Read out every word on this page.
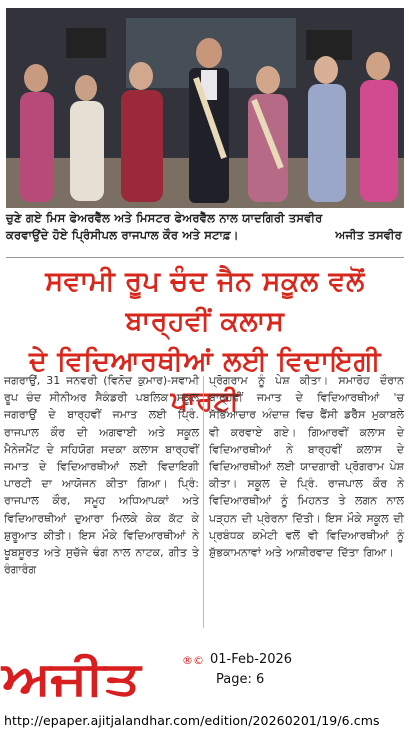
ਚੁਣੇ ਗਏ ਮਿਸ ਫੇਅਰਵੈੱਲ ਅਤੇ ਮਿਸਟਰ ਫੇਅਰਵੈੱਲ ਨਾਲ ਯਾਦਗਿਰੀ ਤਸਵੀਰ
ਕਰਵਾਉਂਦੇ ਹੋਏ ਪ੍ਰਿੰਸੀਪਲ ਰਾਜਪਾਲ ਕੌਰ ਅਤੇ ਸਟਾਫ਼।	ਅਜੀਤ ਤਸਵੀਰ
ਸਵਾਮੀ ਰੂਪ ਚੰਦ ਜੈਨ ਸਕੂਲ ਵਲੋਂ ਬਾਰ੍ਹਵੀਂ ਕਲਾਸ
ਦੇ ਵਿਦਿਆਰਥੀਆਂ ਲਈ ਵਿਦਾਇਗੀ ਪਾਰਟੀ
ਜਗਰਾਉਂ, 31 ਜਨਵਰੀ (ਵਿਨੋਦ ਕੁਮਾਰ)-ਸਵਾਮੀ ਰੂਪ ਚੰਦ ਸੀਨੀਅਰ ਸੈਕੰਡਰੀ ਪਬਲਿਕ ਸਕੂਲ ਜਗਰਾਉਂ ਦੇ ਬਾਰ੍ਹਵੀਂ ਜਮਾਤ ਲਈ ਪ੍ਰਿੰ. ਰਾਜਪਾਲ ਕੌਰ ਦੀ ਅਗਵਾਈ ਅਤੇ ਸਕੂਲ ਮੈਨੇਜਮੈਂਟ ਦੇ ਸਹਿਯੋਗ ਸਦਕਾ ਕਲਾਸ ਬਾਰ੍ਹਵੀਂ ਜਮਾਤ ਦੇ ਵਿਦਿਆਰਥੀਆਂ ਲਈ ਵਿਦਾਇਗੀ ਪਾਰਟੀ ਦਾ ਆਯੋਜਨ ਕੀਤਾ ਗਿਆ। ਪ੍ਰਿੰ: ਰਾਜਪਾਲ ਕੌਰ, ਸਮੂਹ ਅਧਿਆਪਕਾਂ ਅਤੇ ਵਿਦਿਆਰਥੀਆਂ ਦੁਆਰਾ ਮਿਲਕੇ ਕੇਕ ਕੱਟ ਕੇ ਸ਼ੁਰੂਆਤ ਕੀਤੀ। ਇਸ ਮੌਕੇ ਵਿਦਿਆਰਥੀਆਂ ਨੇ ਖੂਬਸੂਰਤ ਅਤੇ ਸੁਚੱਜੇ ਢੰਗ ਨਾਲ ਨਾਟਕ, ਗੀਤ ਤੇ ਰੰਗਾਰੰਗ
ਪ੍ਰੋਗਰਾਮ ਨੂੰ ਪੇਸ਼ ਕੀਤਾ। ਸਮਾਰੋਹ ਦੌਰਾਨ ਬਾਰ੍ਹਵੀਂ ਜਮਾਤ ਦੇ ਵਿਦਿਆਰਥੀਆਂ 'ਚ ਸੱਭਿਆਚਾਰ ਅੰਦਾਜ਼ ਵਿਚ ਫੈਂਸੀ ਡਰੈੱਸ ਮੁਕਾਬਲੇ ਵੀ ਕਰਵਾਏ ਗਏ। ਗਿਆਰਵੀਂ ਕਲਾਸ ਦੇ ਵਿਦਿਆਰਥੀਆਂ ਨੇ ਬਾਰ੍ਹਵੀਂ ਕਲਾਸ ਦੇ ਵਿਦਿਆਰਥੀਆਂ ਲਈ ਯਾਦਗਾਰੀ ਪ੍ਰੋਗਰਾਮ ਪੇਸ਼ ਕੀਤਾ। ਸਕੂਲ ਦੇ ਪ੍ਰਿੰ. ਰਾਜਪਾਲ ਕੌਰ ਨੇ ਵਿਦਿਆਰਥੀਆਂ ਨੂੰ ਮਿਹਨਤ ਤੇ ਲਗਨ ਨਾਲ ਪੜ੍ਹਨ ਦੀ ਪ੍ਰੇਰਨਾ ਦਿੱਤੀ। ਇਸ ਮੌਕੇ ਸਕੂਲ ਦੀ ਪ੍ਰਬੰਧਕ ਕਮੇਟੀ ਵਲੋਂ ਵੀ ਵਿਦਿਆਰਥੀਆਂ ਨੂੰ ਸ਼ੁੱਭਕਾਮਨਾਵਾਂ ਅਤੇ ਆਸ਼ੀਰਵਾਦ ਦਿੱਤਾ ਗਿਆ।
ਅਜੀਤ	®© 01-Feb-2026
Page: 6
http://epaper.ajitjalandhar.com/edition/20260201/19/6.cms
